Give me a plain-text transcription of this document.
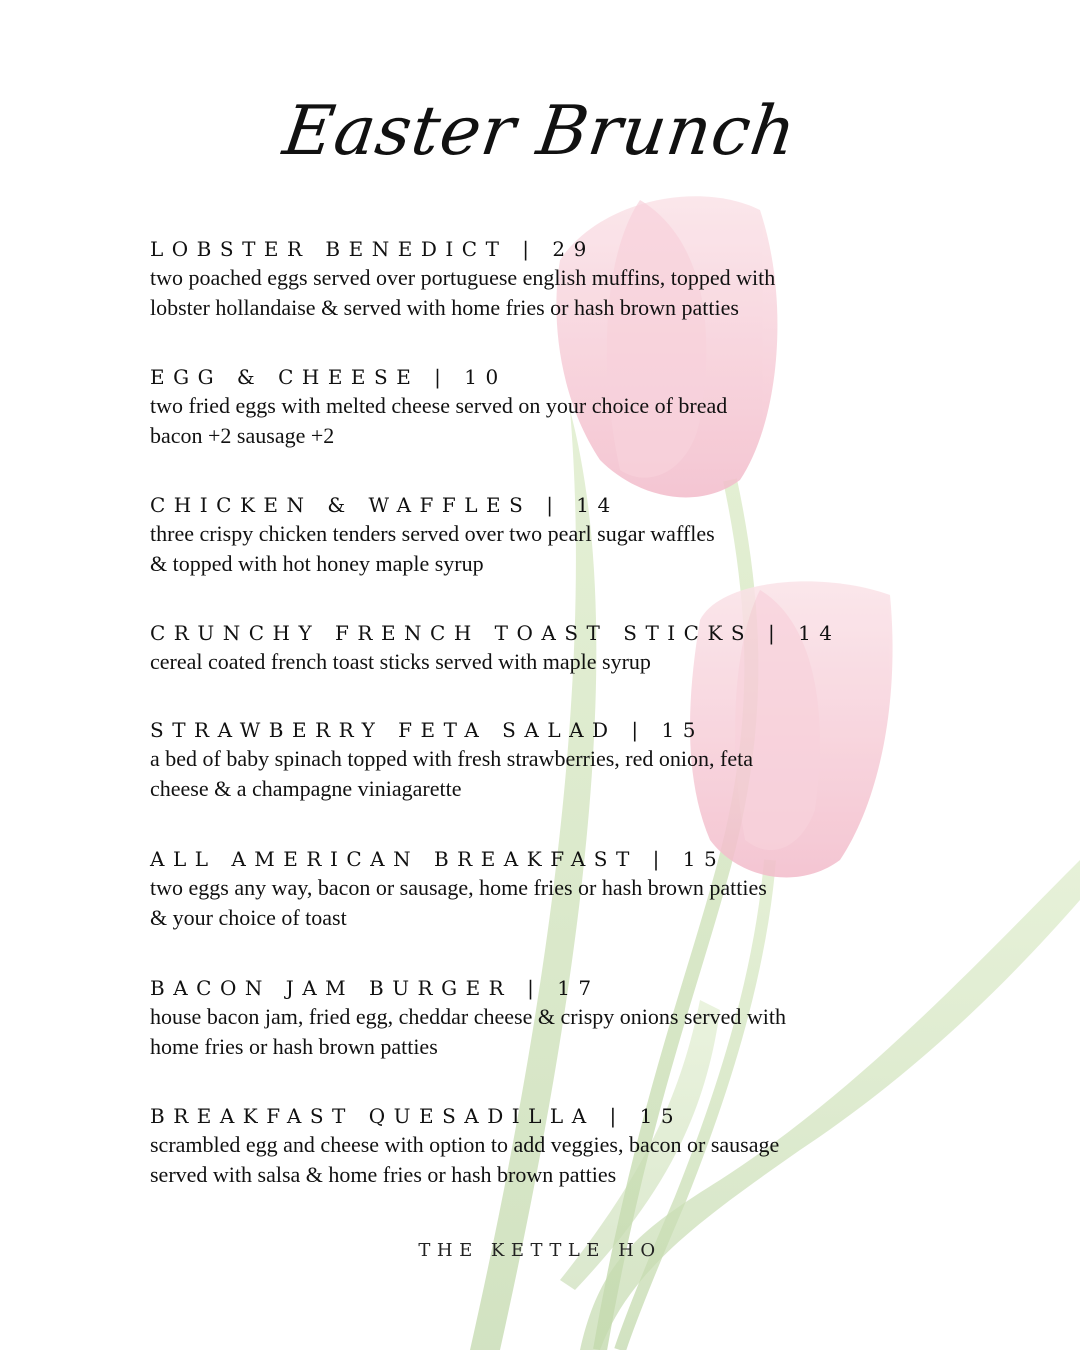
Easter Brunch
LOBSTER BENEDICT | 29
two poached eggs served over portuguese english muffins, topped with
lobster hollandaise & served with home fries or hash brown patties
EGG & CHEESE | 10
two fried eggs with melted cheese served on your choice of bread
bacon +2 sausage +2
CHICKEN & WAFFLES | 14
three crispy chicken tenders served over two pearl sugar waffles
& topped with hot honey maple syrup
CRUNCHY FRENCH TOAST STICKS | 14
cereal coated french toast sticks served with maple syrup
STRAWBERRY FETA SALAD | 15
a bed of baby spinach topped with fresh strawberries, red onion, feta
cheese & a champagne viniagarette
ALL AMERICAN BREAKFAST | 15
two eggs any way, bacon or sausage, home fries or hash brown patties
& your choice of toast
BACON JAM BURGER | 17
house bacon jam, fried egg, cheddar cheese & crispy onions served with
home fries or hash brown patties
BREAKFAST QUESADILLA | 15
scrambled egg and cheese with option to add veggies, bacon or sausage
served with salsa & home fries or hash brown patties
THE KETTLE HO
